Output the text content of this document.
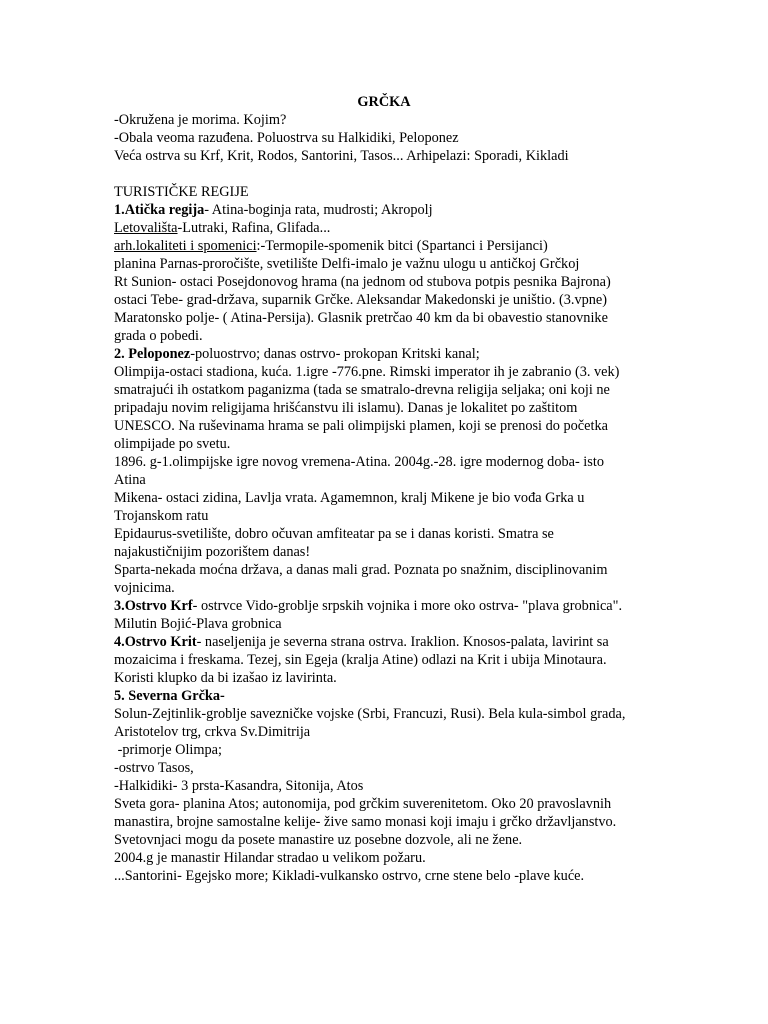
GRČKA
-Okružena je morima. Kojim?
-Obala veoma razuđena. Poluostrva su Halkidiki, Peloponez
Veća ostrva su Krf, Krit, Rodos, Santorini, Tasos... Arhipelazi: Sporadi, Kikladi
TURISTIČKE REGIJE
1.Atička regija- Atina-boginja rata, mudrosti; Akropolj
Letovališta-Lutraki, Rafina, Glifada...
arh.lokaliteti i spomenici:-Termopile-spomenik bitci (Spartanci i Persijanci)
planina Parnas-proročište, svetilište Delfi-imalo je važnu ulogu u antičkoj Grčkoj
Rt Sunion- ostaci Posejdonovog hrama (na jednom od stubova potpis pesnika Bajrona)
ostaci Tebe- grad-država, suparnik Grčke. Aleksandar Makedonski je uništio. (3.vpne)
Maratonsko polje- ( Atina-Persija). Glasnik pretrčao 40 km da bi obavestio stanovnike
grada o pobedi.
2. Peloponez-poluostrvo; danas ostrvo- prokopan Kritski kanal;
Olimpija-ostaci stadiona, kuća. 1.igre -776.pne. Rimski imperator ih je zabranio (3. vek)
smatrajući ih ostatkom paganizma (tada se smatralo-drevna religija seljaka; oni koji ne
pripadaju novim religijama hrišćanstvu ili islamu). Danas je lokalitet po zaštitom
UNESCO. Na ruševinama hrama se pali olimpijski plamen, koji se prenosi do početka
olimpijade po svetu.
1896. g-1.olimpijske igre novog vremena-Atina. 2004g.-28. igre modernog doba- isto
Atina
Mikena- ostaci zidina, Lavlja vrata. Agamemnon, kralj Mikene je bio vođa Grka u
Trojanskom ratu
Epidaurus-svetilište, dobro očuvan amfiteatar pa se i danas koristi. Smatra se
najakustičnijim pozorištem danas!
Sparta-nekada moćna država, a danas mali grad. Poznata po snažnim, disciplinovanim
vojnicima.
3.Ostrvo Krf- ostrvce Vido-groblje srpskih vojnika i more oko ostrva- "plava grobnica".
Milutin Bojić-Plava grobnica
4.Ostrvo Krit- naseljenija je severna strana ostrva. Iraklion. Knosos-palata, lavirint sa
mozaicima i freskama. Tezej, sin Egeja (kralja Atine) odlazi na Krit i ubija Minotaura.
Koristi klupko da bi izašao iz lavirinta.
5. Severna Grčka-
Solun-Zejtinlik-groblje savezničke vojske (Srbi, Francuzi, Rusi). Bela kula-simbol grada,
Aristotelov trg, crkva Sv.Dimitrija
-primorje Olimpa;
-ostrvo Tasos,
-Halkidiki- 3 prsta-Kasandra, Sitonija, Atos
Sveta gora- planina Atos; autonomija, pod grčkim suverenitetom. Oko 20 pravoslavnih
manastira, brojne samostalne kelije- žive samo monasi koji imaju i grčko državljanstvo.
Svetovnjaci mogu da posete manastire uz posebne dozvole, ali ne žene.
2004.g je manastir Hilandar stradao u velikom požaru.
...Santorini- Egejsko more; Kikladi-vulkansko ostrvo, crne stene belo -plave kuće.
